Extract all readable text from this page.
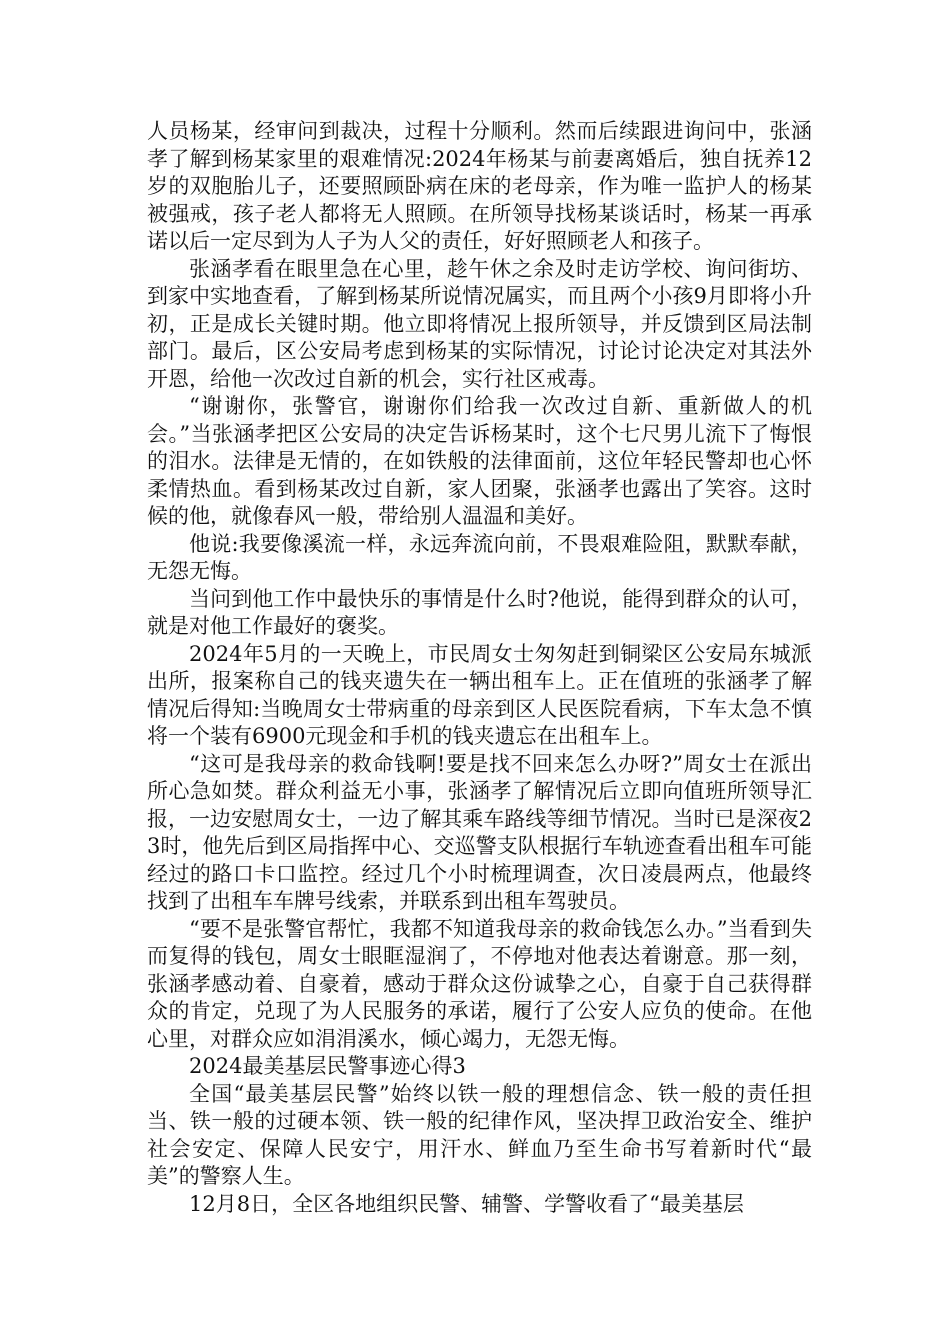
人员杨某，经审问到裁决，过程十分顺利。然而后续跟进询问中，张涵孝了解到杨某家里的艰难情况:2024年杨某与前妻离婚后，独自抚养12岁的双胞胎儿子，还要照顾卧病在床的老母亲，作为唯一监护人的杨某被强戒，孩子老人都将无人照顾。在所领导找杨某谈话时，杨某一再承诺以后一定尽到为人子为人父的责任，好好照顾老人和孩子。

张涵孝看在眼里急在心里，趁午休之余及时走访学校、询问街坊、到家中实地查看，了解到杨某所说情况属实，而且两个小孩9月即将小升初，正是成长关键时期。他立即将情况上报所领导，并反馈到区局法制部门。最后，区公安局考虑到杨某的实际情况，讨论讨论决定对其法外开恩，给他一次改过自新的机会，实行社区戒毒。

“谢谢你，张警官，谢谢你们给我一次改过自新、重新做人的机会。”当张涵孝把区公安局的决定告诉杨某时，这个七尺男儿流下了悔恨的泪水。法律是无情的，在如铁般的法律面前，这位年轻民警却也心怀柔情热血。看到杨某改过自新，家人团聚，张涵孝也露出了笑容。这时候的他，就像春风一般，带给别人温温和美好。

他说:我要像溪流一样，永远奔流向前，不畏艰难险阻，默默奉献，无怨无悔。

当问到他工作中最快乐的事情是什么时?他说，能得到群众的认可，就是对他工作最好的褒奖。

2024年5月的一天晚上，市民周女士匆匆赶到铜梁区公安局东城派出所，报案称自己的钱夹遗失在一辆出租车上。正在值班的张涵孝了解情况后得知:当晚周女士带病重的母亲到区人民医院看病，下车太急不慎将一个装有6900元现金和手机的钱夹遗忘在出租车上。

“这可是我母亲的救命钱啊!要是找不回来怎么办呀?”周女士在派出所心急如焚。群众利益无小事，张涵孝了解情况后立即向值班所领导汇报，一边安慰周女士，一边了解其乘车路线等细节情况。当时已是深夜23时，他先后到区局指挥中心、交巡警支队根据行车轨迹查看出租车可能经过的路口卡口监控。经过几个小时梳理调查，次日凌晨两点，他最终找到了出租车车牌号线索，并联系到出租车驾驶员。

“要不是张警官帮忙，我都不知道我母亲的救命钱怎么办。”当看到失而复得的钱包，周女士眼眶湿润了，不停地对他表达着谢意。那一刻，张涵孝感动着、自豪着，感动于群众这份诚挚之心，自豪于自己获得群众的肯定，兑现了为人民服务的承诺，履行了公安人应负的使命。在他心里，对群众应如涓涓溪水，倾心竭力，无怨无悔。

2024最美基层民警事迹心得3

全国“最美基层民警”始终以铁一般的理想信念、铁一般的责任担当、铁一般的过硬本领、铁一般的纪律作风，坚决捍卫政治安全、维护社会安定、保障人民安宁，用汗水、鲜血乃至生命书写着新时代“最美”的警察人生。

12月8日，全区各地组织民警、辅警、学警收看了“最美基层
